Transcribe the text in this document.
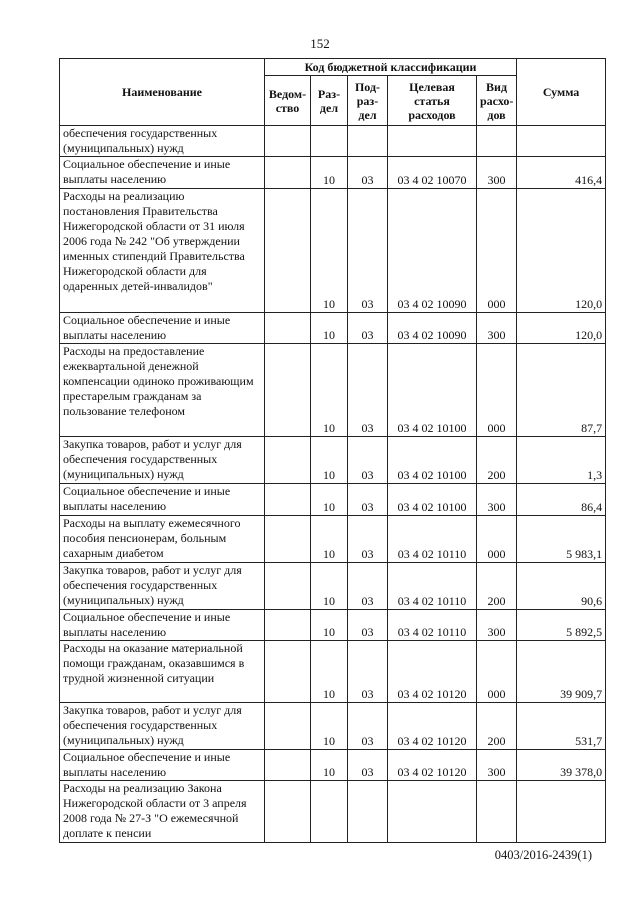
152
Наименование	Код бюджетной классификации					Сумма
	Ведом-ство	Раз-дел	Под-раз-дел	Целевая статья расходов	Вид расхо-дов	
обеспечения государственных (муниципальных) нужд						
Социальное обеспечение и иные выплаты населению		10	03	03 4 02 10070	300	416,4
Расходы на реализацию постановления Правительства Нижегородской области от 31 июля 2006 года № 242 "Об утверждении именных стипендий Правительства Нижегородской области для одаренных детей-инвалидов"		10	03	03 4 02 10090	000	120,0
Социальное обеспечение и иные выплаты населению		10	03	03 4 02 10090	300	120,0
Расходы на предоставление ежеквартальной денежной компенсации одиноко проживающим престарелым гражданам за пользование телефоном		10	03	03 4 02 10100	000	87,7
Закупка товаров, работ и услуг для обеспечения государственных (муниципальных) нужд		10	03	03 4 02 10100	200	1,3
Социальное обеспечение и иные выплаты населению		10	03	03 4 02 10100	300	86,4
Расходы на выплату ежемесячного пособия пенсионерам, больным сахарным диабетом		10	03	03 4 02 10110	000	5 983,1
Закупка товаров, работ и услуг для обеспечения государственных (муниципальных) нужд		10	03	03 4 02 10110	200	90,6
Социальное обеспечение и иные выплаты населению		10	03	03 4 02 10110	300	5 892,5
Расходы на оказание материальной помощи гражданам, оказавшимся в трудной жизненной ситуации		10	03	03 4 02 10120	000	39 909,7
Закупка товаров, работ и услуг для обеспечения государственных (муниципальных) нужд		10	03	03 4 02 10120	200	531,7
Социальное обеспечение и иные выплаты населению		10	03	03 4 02 10120	300	39 378,0
Расходы на реализацию Закона Нижегородской области от 3 апреля 2008 года № 27-З "О ежемесячной доплате к пенсии						
0403/2016-2439(1)
